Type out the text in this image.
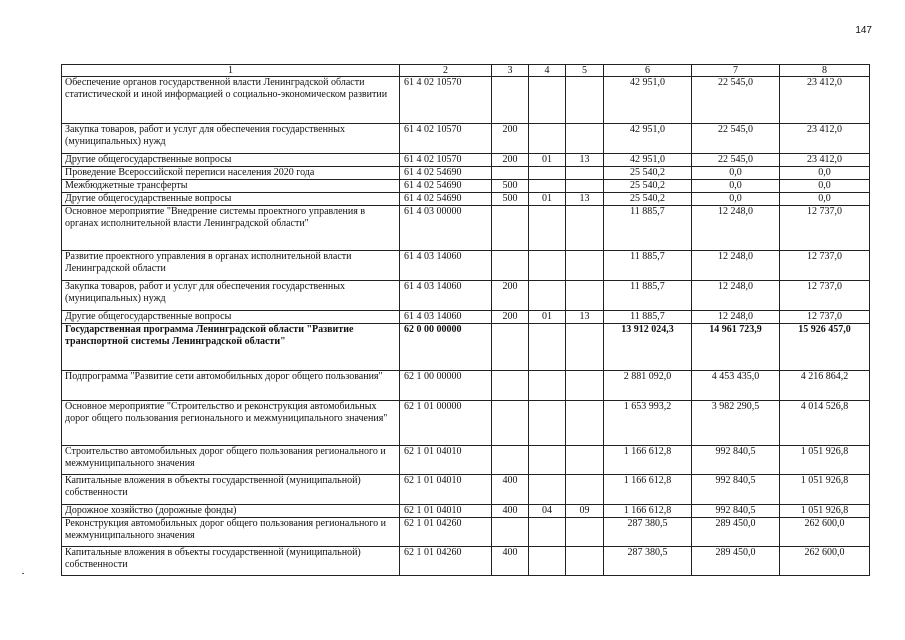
147
1	2	3	4	5	6	7	8
Обеспечение органов государственной власти Ленинградской области статистической и иной информацией о социально-экономическом развитии	61 4 02 10570				42 951,0	22 545,0	23 412,0
Закупка товаров, работ и услуг для обеспечения государственных (муниципальных) нужд	61 4 02 10570	200			42 951,0	22 545,0	23 412,0
Другие общегосударственные вопросы	61 4 02 10570	200	01	13	42 951,0	22 545,0	23 412,0
Проведение Всероссийской переписи населения 2020 года	61 4 02 54690				25 540,2	0,0	0,0
Межбюджетные трансферты	61 4 02 54690	500			25 540,2	0,0	0,0
Другие общегосударственные вопросы	61 4 02 54690	500	01	13	25 540,2	0,0	0,0
Основное мероприятие "Внедрение системы проектного управления в органах исполнительной власти Ленинградской области"	61 4 03 00000				11 885,7	12 248,0	12 737,0
Развитие проектного управления в органах исполнительной власти Ленинградской области	61 4 03 14060				11 885,7	12 248,0	12 737,0
Закупка товаров, работ и услуг для обеспечения государственных (муниципальных) нужд	61 4 03 14060	200			11 885,7	12 248,0	12 737,0
Другие общегосударственные вопросы	61 4 03 14060	200	01	13	11 885,7	12 248,0	12 737,0
Государственная программа Ленинградской области "Развитие транспортной системы Ленинградской области"	62 0 00 00000				13 912 024,3	14 961 723,9	15 926 457,0
Подпрограмма "Развитие сети автомобильных дорог общего пользования"	62 1 00 00000				2 881 092,0	4 453 435,0	4 216 864,2
Основное мероприятие "Строительство и реконструкция автомобильных дорог общего пользования регионального и межмуниципального значения"	62 1 01 00000				1 653 993,2	3 982 290,5	4 014 526,8
Строительство автомобильных дорог общего пользования регионального и межмуниципального значения	62 1 01 04010				1 166 612,8	992 840,5	1 051 926,8
Капитальные вложения в объекты государственной (муниципальной) собственности	62 1 01 04010	400			1 166 612,8	992 840,5	1 051 926,8
Дорожное хозяйство (дорожные фонды)	62 1 01 04010	400	04	09	1 166 612,8	992 840,5	1 051 926,8
Реконструкция автомобильных дорог общего пользования регионального и межмуниципального значения	62 1 01 04260				287 380,5	289 450,0	262 600,0
Капитальные вложения в объекты государственной (муниципальной) собственности	62 1 01 04260	400			287 380,5	289 450,0	262 600,0
